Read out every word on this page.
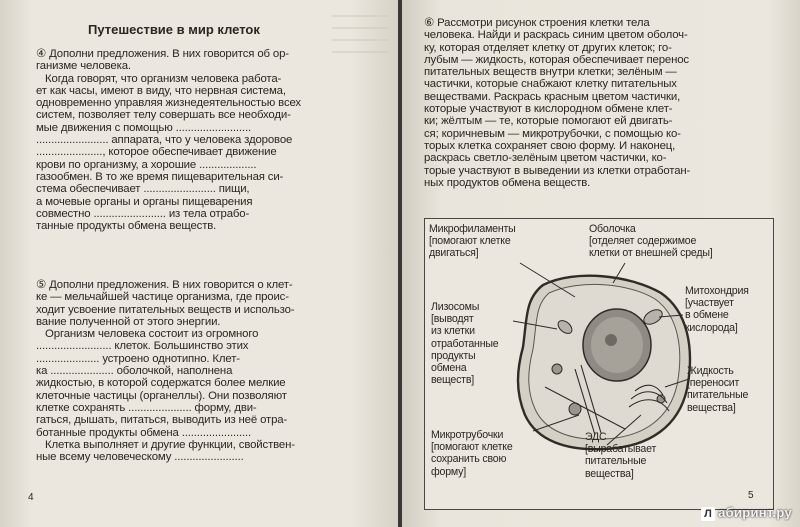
Путешествие в мир клеток
④ Дополни предложения. В них говорится об ор-
ганизме человека.
Когда говорят, что организм человека работа-
ет как часы, имеют в виду, что нервная система,
одновременно управляя жизнедеятельностью всех
систем, позволяет телу совершать все необходи-
мые движения с помощью .........................
........................ аппарата, что у человека здоровое
......................, которое обеспечивает движение
крови по организму, а хорошие ...................
газообмен. В то же время пищеварительная си-
стема обеспечивает ........................ пищи,
а мочевые органы и органы пищеварения
совместно ........................ из тела отрабо-
танные продукты обмена веществ.
⑤ Дополни предложения. В них говорится о клет-
ке — мельчайшей частице организма, где проис-
ходит усвоение питательных веществ и использо-
вание полученной от этого энергии.
Организм человека состоит из огромного
......................... клеток. Большинство этих
..................... устроено однотипно. Клет-
ка ..................... оболочкой, наполнена
жидкостью, в которой содержатся более мелкие
клеточные частицы (органеллы). Они позволяют
клетке сохранять ..................... форму, дви-
гаться, дышать, питаться, выводить из неё отра-
ботанные продукты обмена .......................
Клетка выполняет и другие функции, свойствен-
ные всему человеческому .......................
4
⑥ Рассмотри рисунок строения клетки тела
человека. Найди и раскрась синим цветом оболоч-
ку, которая отделяет клетку от других клеток; го-
лубым — жидкость, которая обеспечивает перенос
питательных веществ внутри клетки; зелёным —
частички, которые снабжают клетку питательных
веществами. Раскрась красным цветом частички,
которые участвуют в кислородном обмене клет-
ки; жёлтым — те, которые помогают ей двигать-
ся; коричневым — микротрубочки, с помощью ко-
торых клетка сохраняет свою форму. И наконец,
раскрась светло-зелёным цветом частички, ко-
торые участвуют в выведении из клетки отработан-
ных продуктов обмена веществ.
Микрофиламенты
[помогают клетке
двигаться]
Оболочка
[отделяет содержимое
клетки от внешней среды]
Лизосомы
[выводят
из клетки
отработанные
продукты
обмена
веществ]
Митохондрия
[участвует
в обмене
кислорода]
Жидкость
[переносит
питательные
вещества]
Микротрубочки
[помогают клетке
сохранить свою
форму]
ЭДС
[вырабатывает
питательные
вещества]
5
Л абиринт.ру
